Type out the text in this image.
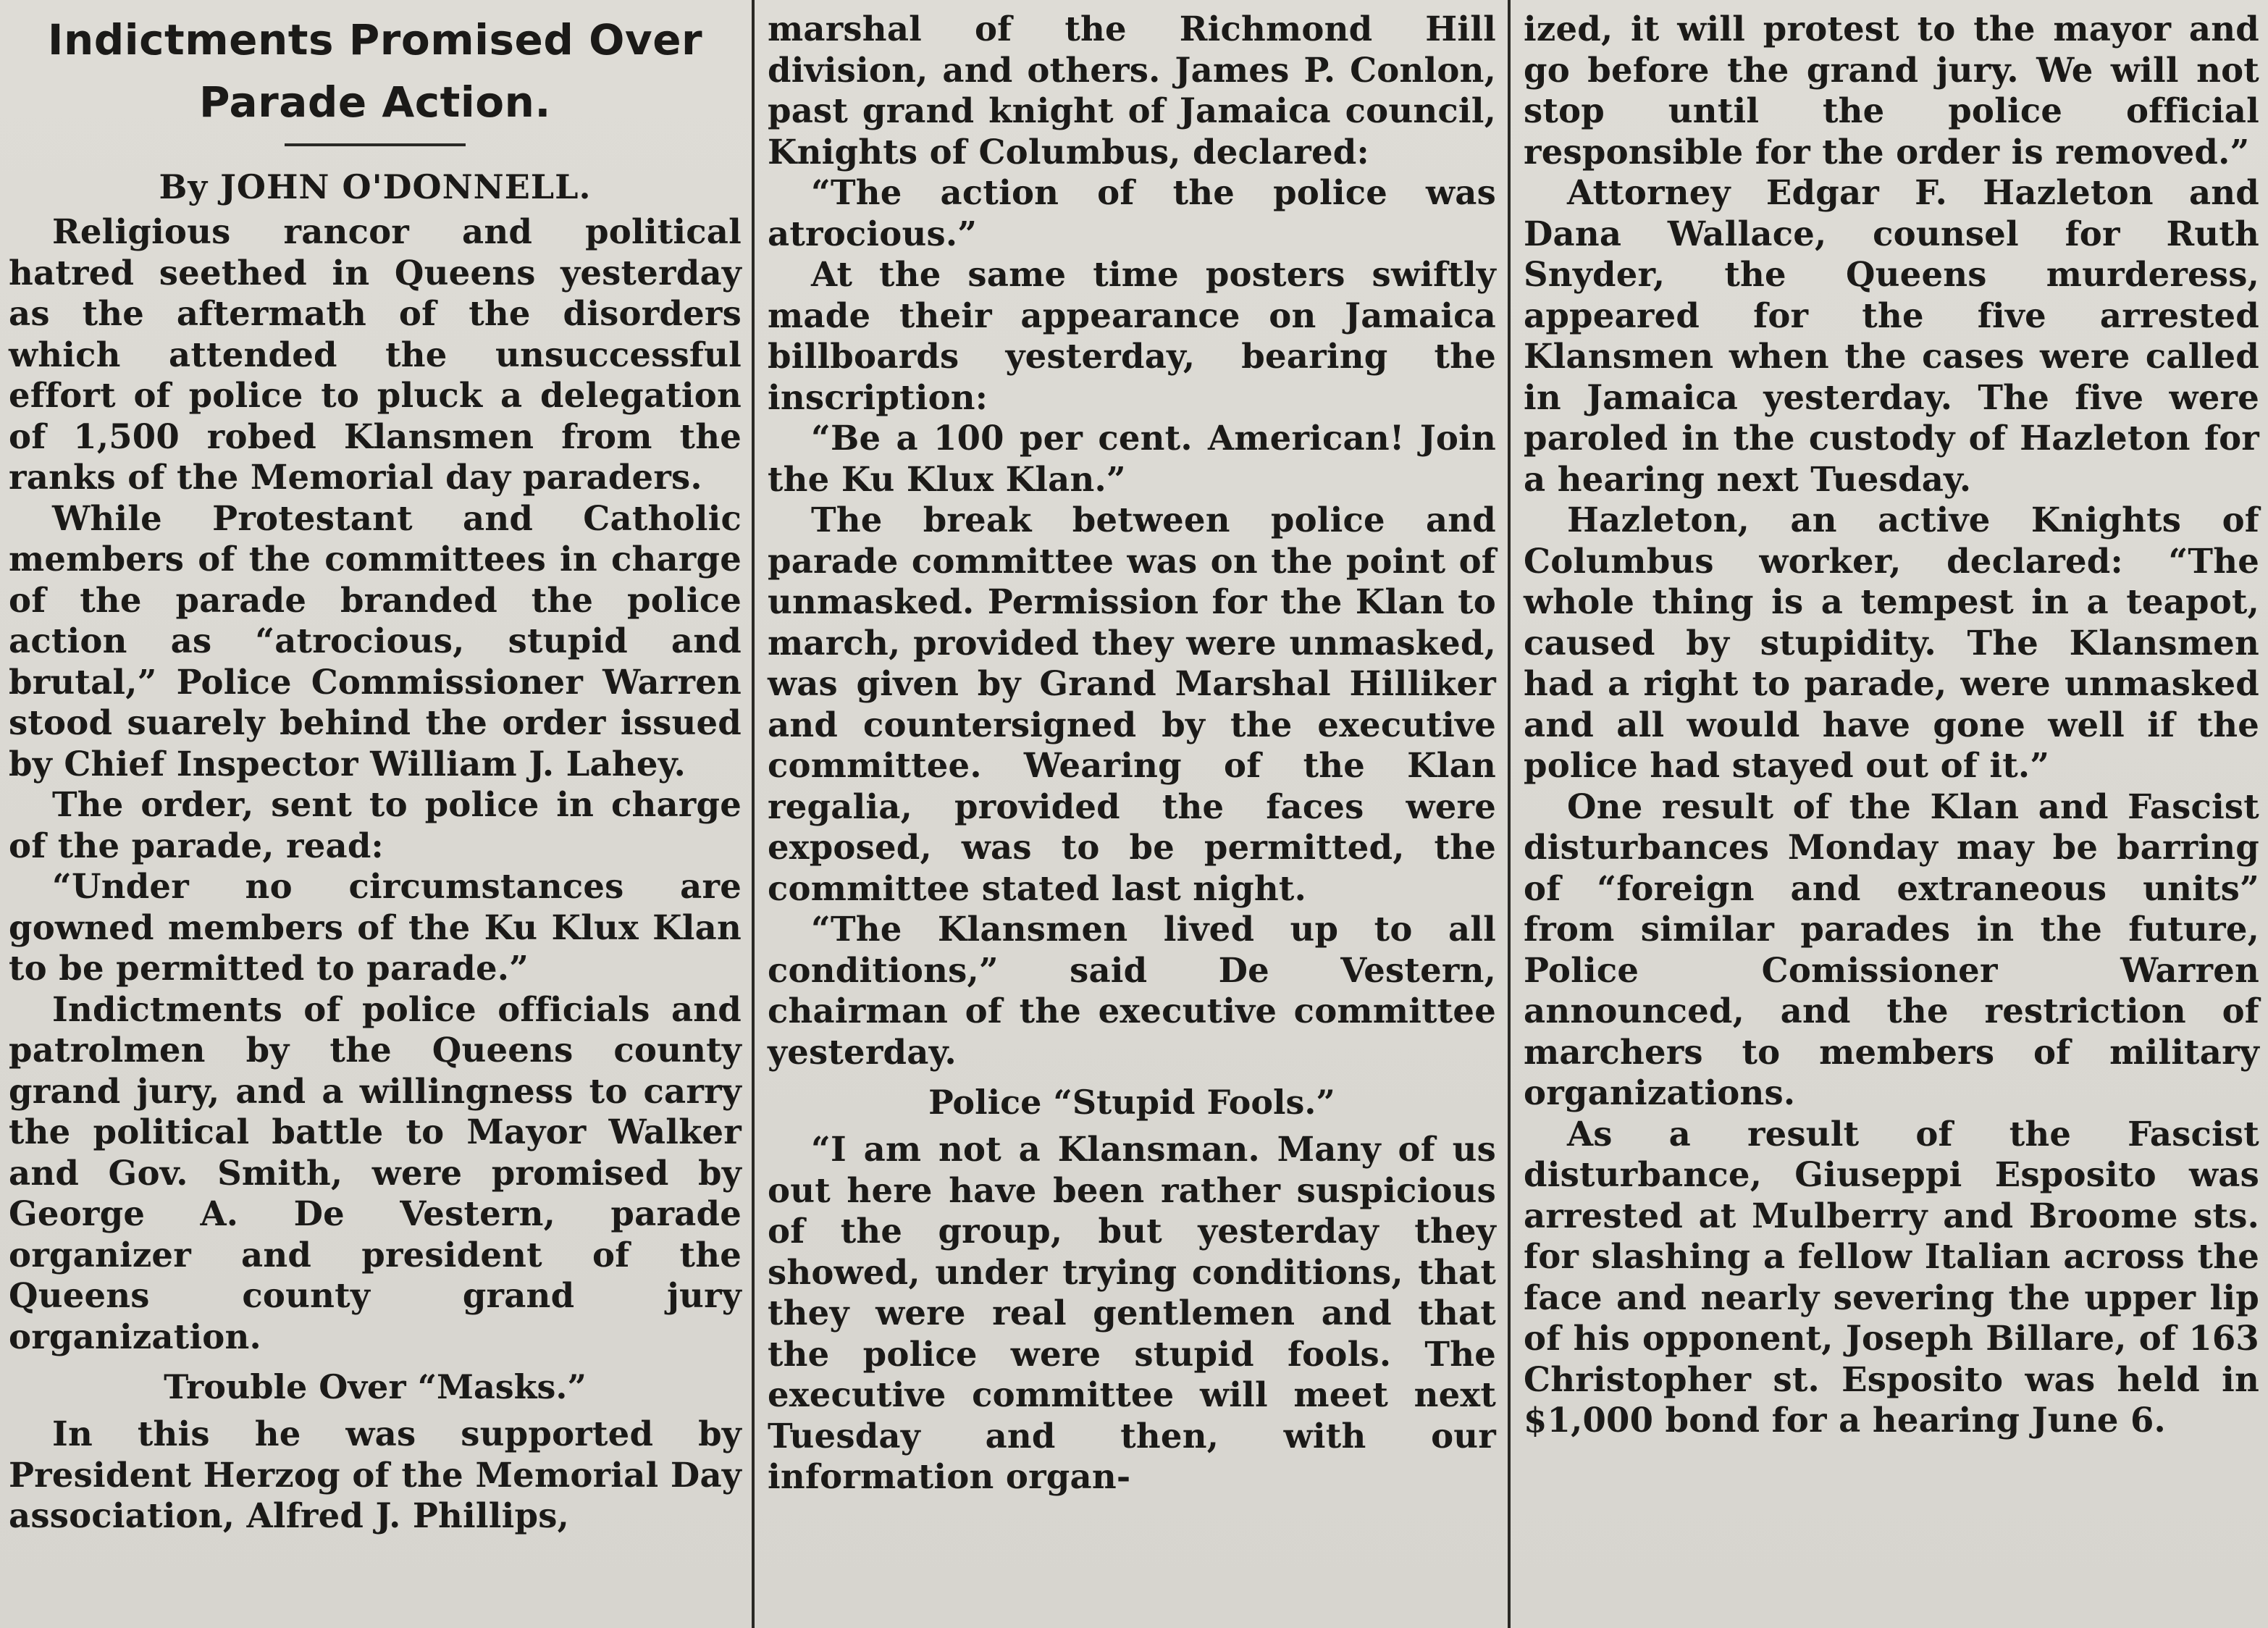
Indictments Promised Over
Parade Action.

By JOHN O'DONNELL.

Religious rancor and political hatred seethed in Queens yesterday as the aftermath of the disorders which attended the unsuccessful effort of police to pluck a delegation of 1,500 robed Klansmen from the ranks of the Memorial day paraders.

While Protestant and Catholic members of the committees in charge of the parade branded the police action as “atrocious, stupid and brutal,” Police Commissioner Warren stood suarely behind the order issued by Chief Inspector William J. Lahey.

The order, sent to police in charge of the parade, read:

“Under no circumstances are gowned members of the Ku Klux Klan to be permitted to parade.”

Indictments of police officials and patrolmen by the Queens county grand jury, and a willingness to carry the political battle to Mayor Walker and Gov. Smith, were promised by George A. De Vestern, parade organizer and president of the Queens county grand jury organization.

Trouble Over “Masks.”

In this he was supported by President Herzog of the Memorial Day association, Alfred J. Phillips,

marshal of the Richmond Hill division, and others. James P. Conlon, past grand knight of Jamaica council, Knights of Columbus, declared:

“The action of the police was atrocious.”

At the same time posters swiftly made their appearance on Jamaica billboards yesterday, bearing the inscription:

“Be a 100 per cent. American! Join the Ku Klux Klan.”

The break between police and parade committee was on the point of unmasked. Permission for the Klan to march, provided they were unmasked, was given by Grand Marshal Hilliker and countersigned by the executive committee. Wearing of the Klan regalia, provided the faces were exposed, was to be permitted, the committee stated last night.

“The Klansmen lived up to all conditions,” said De Vestern, chairman of the executive committee yesterday.

Police “Stupid Fools.”

“I am not a Klansman. Many of us out here have been rather suspicious of the group, but yesterday they showed, under trying conditions, that they were real gentlemen and that the police were stupid fools. The executive committee will meet next Tuesday and then, with our information organ-

ized, it will protest to the mayor and go before the grand jury. We will not stop until the police official responsible for the order is removed.”

Attorney Edgar F. Hazleton and Dana Wallace, counsel for Ruth Snyder, the Queens murderess, appeared for the five arrested Klansmen when the cases were called in Jamaica yesterday. The five were paroled in the custody of Hazleton for a hearing next Tuesday.

Hazleton, an active Knights of Columbus worker, declared: “The whole thing is a tempest in a teapot, caused by stupidity. The Klansmen had a right to parade, were unmasked and all would have gone well if the police had stayed out of it.”

One result of the Klan and Fascist disturbances Monday may be barring of “foreign and extraneous units” from similar parades in the future, Police Comissioner Warren announced, and the restriction of marchers to members of military organizations.

As a result of the Fascist disturbance, Giuseppi Esposito was arrested at Mulberry and Broome sts. for slashing a fellow Italian across the face and nearly severing the upper lip of his opponent, Joseph Billare, of 163 Christopher st. Esposito was held in $1,000 bond for a hearing June 6.
